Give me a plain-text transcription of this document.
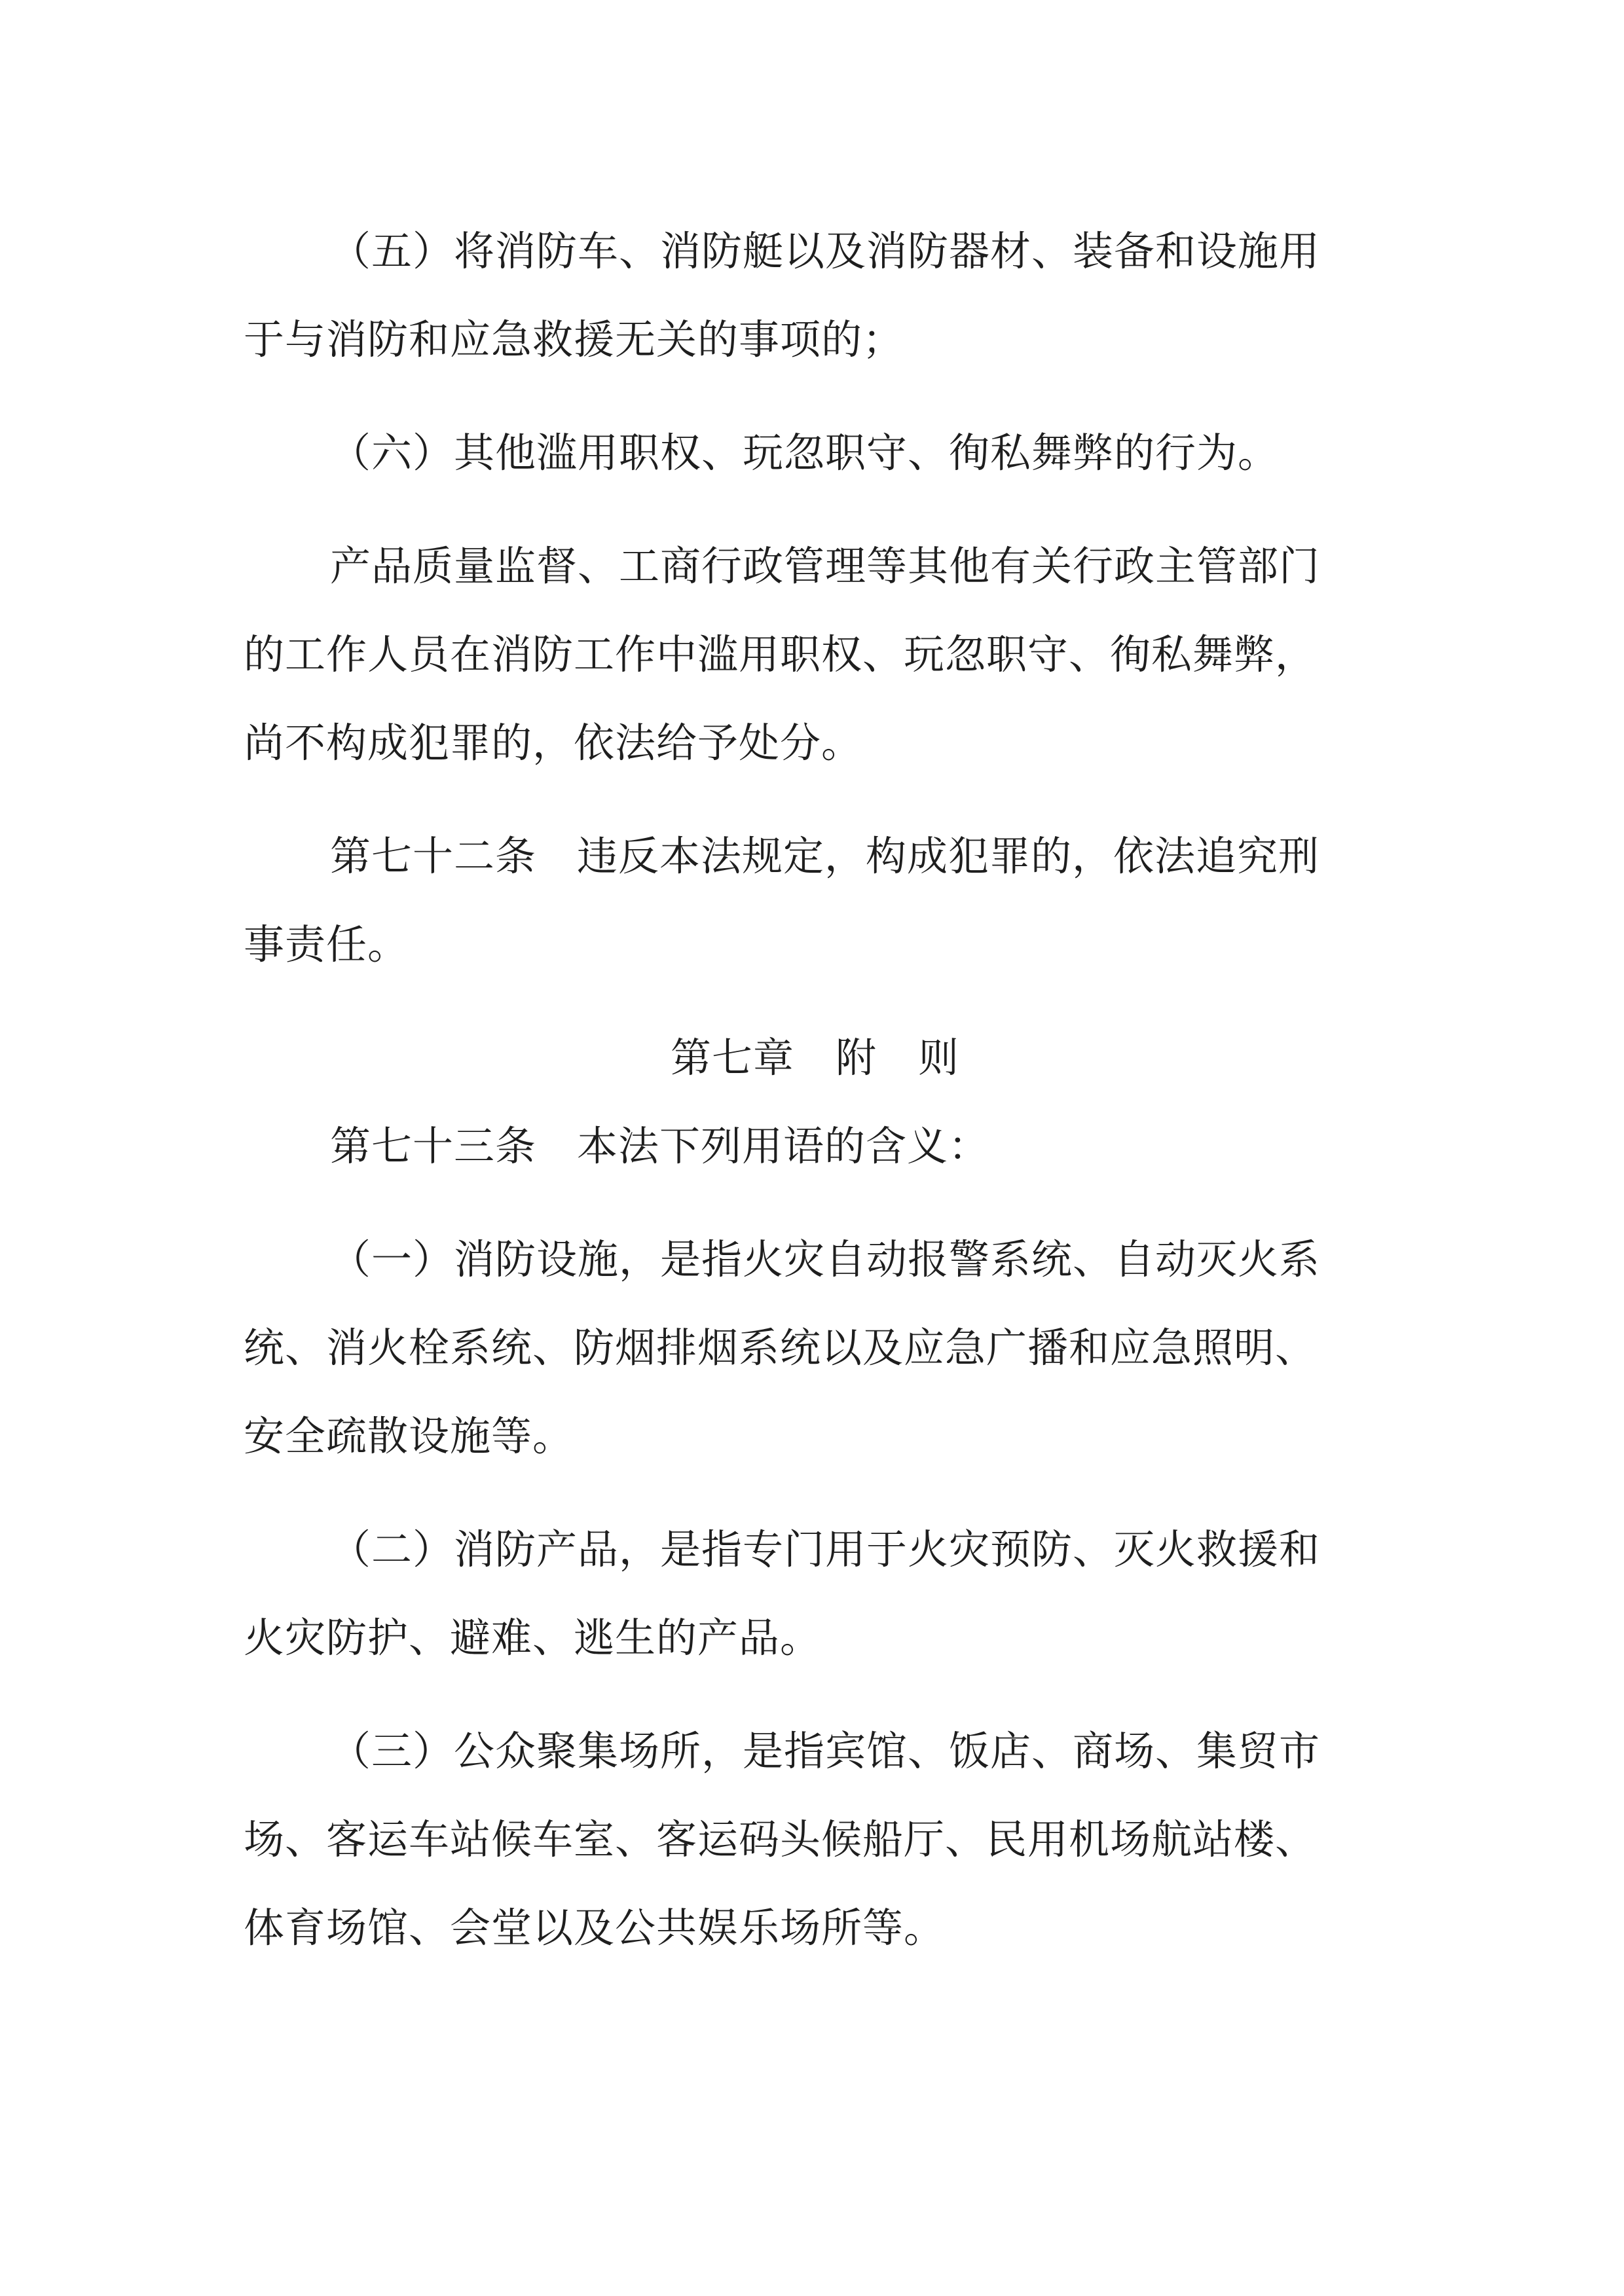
（五）将消防车、消防艇以及消防器材、装备和设施用
于与消防和应急救援无关的事项的；
（六）其他滥用职权、玩忽职守、徇私舞弊的行为。
产品质量监督、工商行政管理等其他有关行政主管部门
的工作人员在消防工作中滥用职权、玩忽职守、徇私舞弊，
尚不构成犯罪的，依法给予处分。
第七十二条 违反本法规定，构成犯罪的，依法追究刑
事责任。
第七章　附　则
第七十三条 本法下列用语的含义：
（一）消防设施，是指火灾自动报警系统、自动灭火系
统、消火栓系统、防烟排烟系统以及应急广播和应急照明、
安全疏散设施等。
（二）消防产品，是指专门用于火灾预防、灭火救援和
火灾防护、避难、逃生的产品。
（三）公众聚集场所，是指宾馆、饭店、商场、集贸市
场、客运车站候车室、客运码头候船厅、民用机场航站楼、
体育场馆、会堂以及公共娱乐场所等。
